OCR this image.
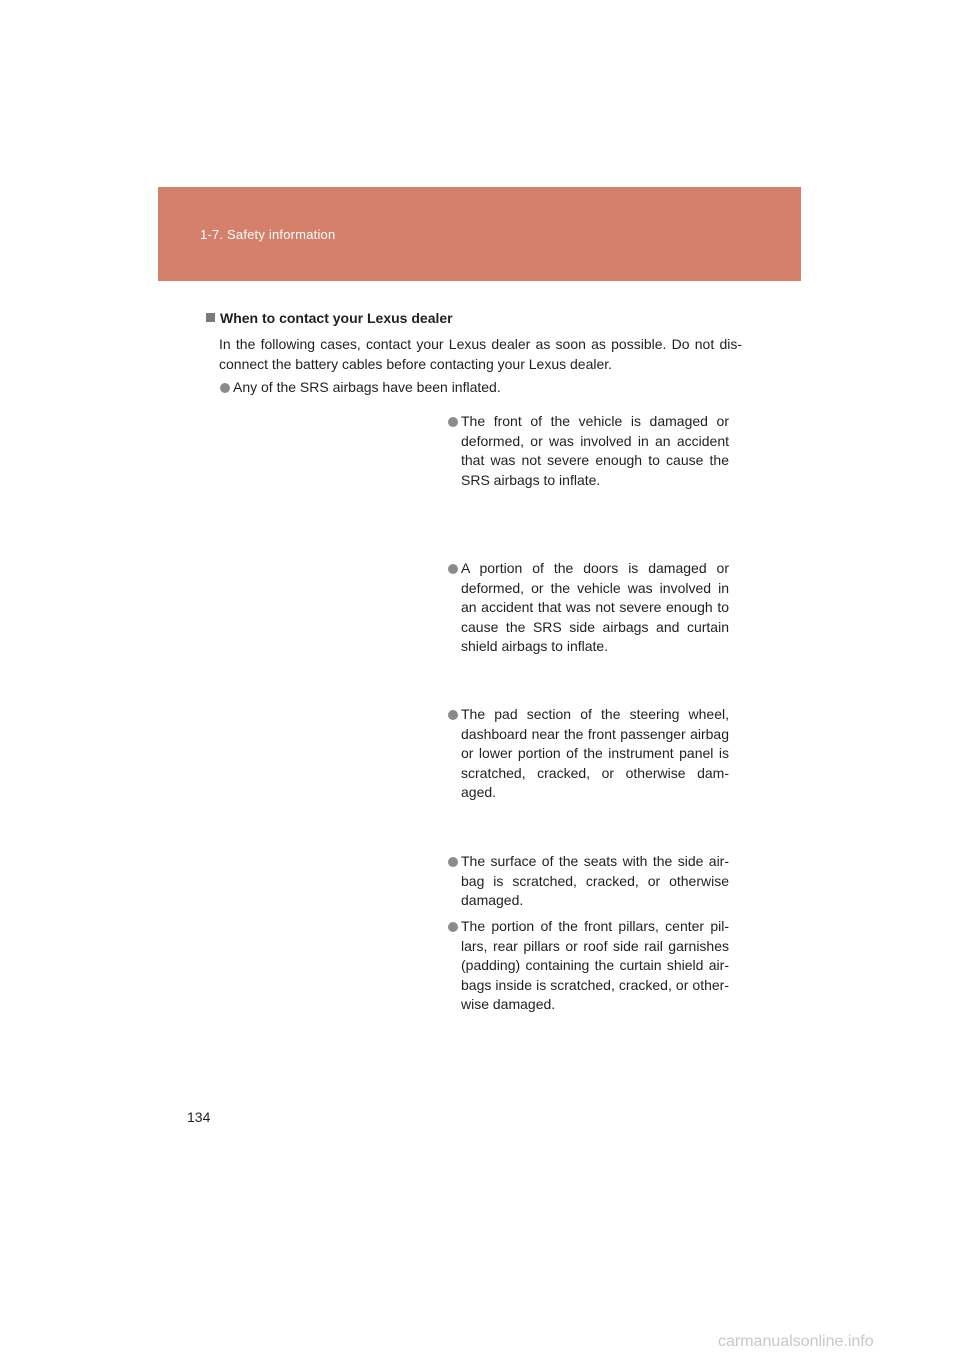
1-7. Safety information
When to contact your Lexus dealer
In the following cases, contact your Lexus dealer as soon as possible. Do not dis-connect the battery cables before contacting your Lexus dealer.
Any of the SRS airbags have been inflated.
The front of the vehicle is damaged or deformed, or was involved in an accident that was not severe enough to cause the SRS airbags to inflate.
A portion of the doors is damaged or deformed, or the vehicle was involved in an accident that was not severe enough to cause the SRS side airbags and curtain shield airbags to inflate.
The pad section of the steering wheel, dashboard near the front passenger airbag or lower portion of the instrument panel is scratched, cracked, or otherwise dam-aged.
The surface of the seats with the side air-bag is scratched, cracked, or otherwise damaged.
The portion of the front pillars, center pil-lars, rear pillars or roof side rail garnishes (padding) containing the curtain shield air-bags inside is scratched, cracked, or other-wise damaged.
134
carmanualsonline.info
